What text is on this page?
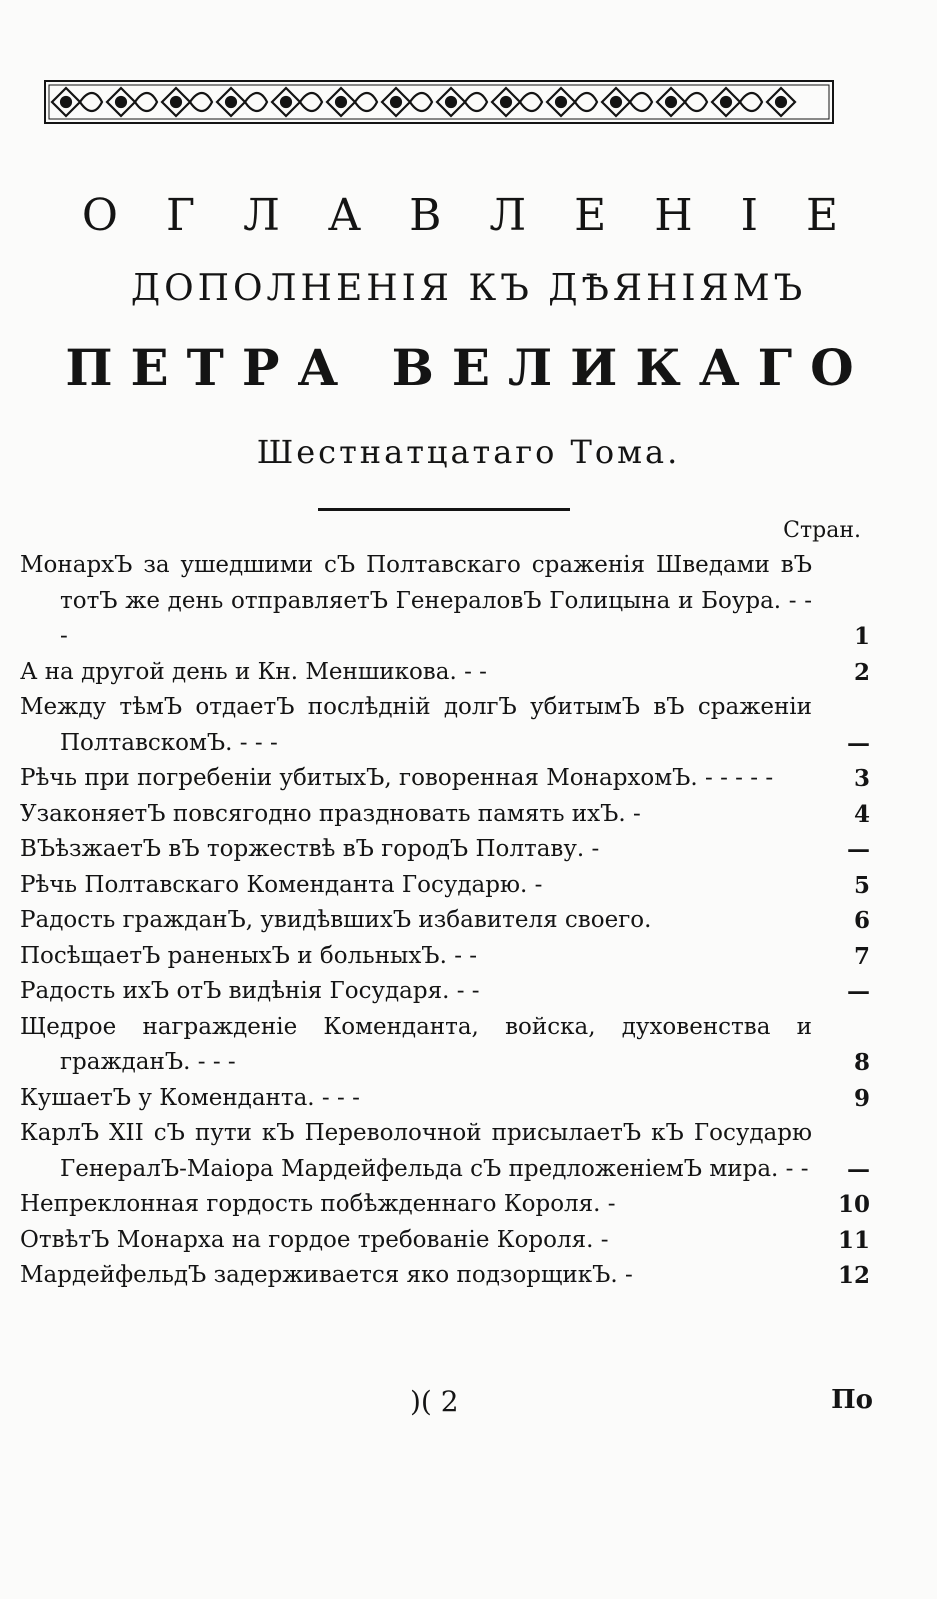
О Г Л А В Л Е Н І Е
ДОПОЛНЕНІЯ КЪ ДѢЯНІЯМЪ
ПЕТРА ВЕЛИКАГО
Шестнатцатаго Тома.
Стран.
МонархЪ за ушедшими сЪ Полтавскаго сраженія Шведами вЪ тотЪ же день отправляетЪ ГенераловЪ Голицына и Боура. - - -	1
А на другой день и Кн. Меншикова. - -	2
Между тѣмЪ отдаетЪ послѣдній долгЪ убитымЪ вЪ сраженіи ПолтавскомЪ. - - -	—
Рѣчь при погребеніи убитыхЪ, говоренная МонархомЪ. - - - - -	3
УзаконяетЪ повсягодно праздновать память ихЪ. -	4
ВЪѣзжаетЪ вЪ торжествѣ вЪ городЪ Полтаву. -	—
Рѣчь Полтавскаго Коменданта Государю. -	5
Радость гражданЪ, увидѣвшихЪ избавителя своего.	6
ПосѣщаетЪ раненыхЪ и больныхЪ. - -	7
Радость ихЪ отЪ видѣнія Государя. - -	—
Щедрое награжденіе Коменданта, войска, духовенства и гражданЪ. - - -	8
КушаетЪ у Коменданта. - - -	9
КарлЪ XII сЪ пути кЪ Переволочной присылаетЪ кЪ Государю ГенералЪ-Маіора Мардейфельда сЪ предложеніемЪ мира. - -	—
Непреклонная гордость побѣжденнаго Короля. -	10
ОтвѣтЪ Монарха на гордое требованіе Короля. -	11
МардейфельдЪ задерживается яко подзорщикЪ. -	12
)( 2	По
